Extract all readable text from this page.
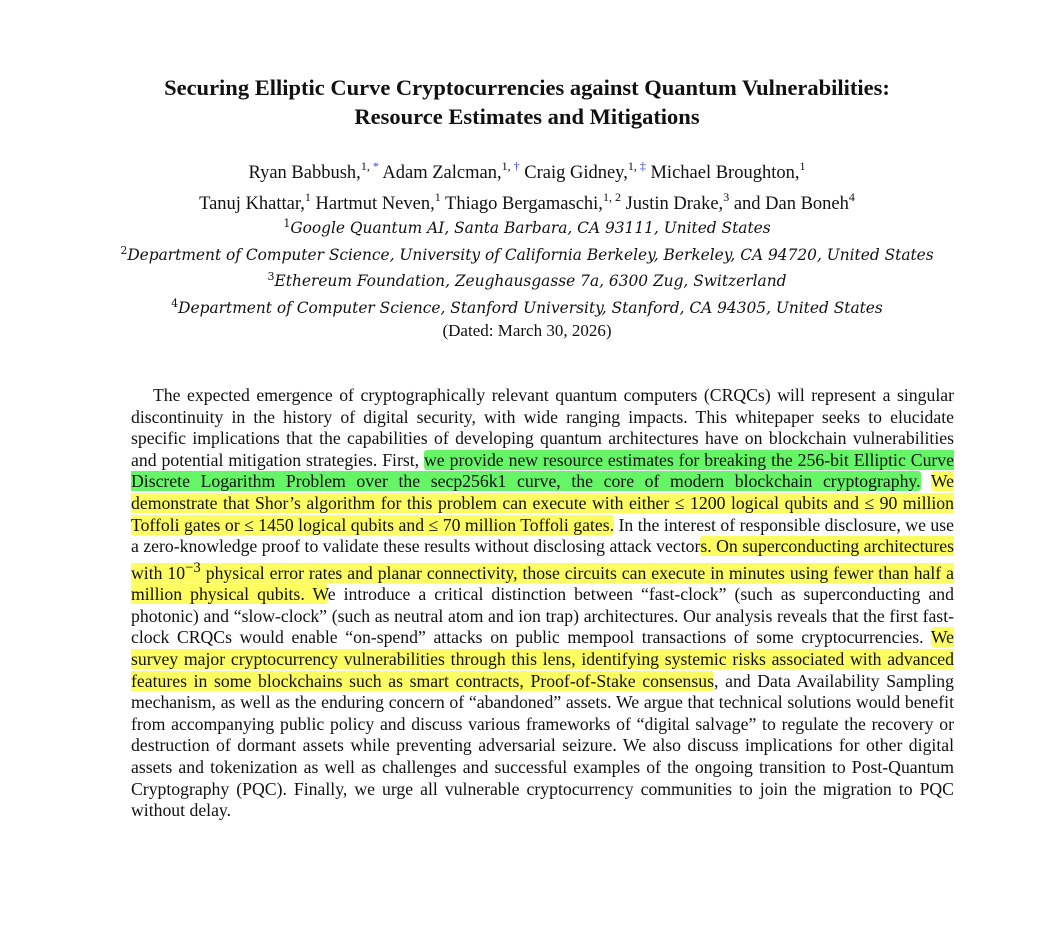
Securing Elliptic Curve Cryptocurrencies against Quantum Vulnerabilities:
Resource Estimates and Mitigations
Ryan Babbush,$^{1,}$ * Adam Zalcman,$^{1,}$ † Craig Gidney,$^{1,}$ ‡ Michael Broughton,$^1$
Tanuj Khattar,$^1$ Hartmut Neven,$^1$ Thiago Bergamaschi,$^{1, 2}$ Justin Drake,$^3$ and Dan Boneh$^4$
$^1$Google Quantum AI, Santa Barbara, CA 93111, United States
$^2$Department of Computer Science, University of California Berkeley, Berkeley, CA 94720, United States
$^3$Ethereum Foundation, Zeughausgasse 7a, 6300 Zug, Switzerland
$^4$Department of Computer Science, Stanford University, Stanford, CA 94305, United States
(Dated: March 30, 2026)

The expected emergence of cryptographically relevant quantum computers (CRQCs) will represent a singular discontinuity in the history of digital security, with wide ranging impacts. This whitepaper seeks to elucidate specific implications that the capabilities of developing quantum architectures have on blockchain vulnerabilities and potential mitigation strategies. First, we provide new resource estimates for breaking the 256-bit Elliptic Curve Discrete Logarithm Problem over the secp256k1 curve, the core of modern blockchain cryptography. We demonstrate that Shor’s algorithm for this problem can execute with either ≤ 1200 logical qubits and ≤ 90 million Toffoli gates or ≤ 1450 logical qubits and ≤ 70 million Toffoli gates. In the interest of responsible disclosure, we use a zero-knowledge proof to validate these results without disclosing attack vectors. On superconducting architectures with $10^{-3}$ physical error rates and planar connectivity, those circuits can execute in minutes using fewer than half a million physical qubits. We introduce a critical distinction between “fast-clock” (such as superconducting and photonic) and “slow-clock” (such as neutral atom and ion trap) architectures. Our analysis reveals that the first fast-clock CRQCs would enable “on-spend” attacks on public mempool transactions of some cryptocurrencies. We survey major cryptocurrency vulnerabilities through this lens, identifying systemic risks associated with advanced features in some blockchains such as smart contracts, Proof-of-Stake consensus, and Data Availability Sampling mechanism, as well as the enduring concern of “abandoned” assets. We argue that technical solutions would benefit from accompanying public policy and discuss various frameworks of “digital salvage” to regulate the recovery or destruction of dormant assets while preventing adversarial seizure. We also discuss implications for other digital assets and tokenization as well as challenges and successful examples of the ongoing transition to Post-Quantum Cryptography (PQC). Finally, we urge all vulnerable cryptocurrency communities to join the migration to PQC without delay.
